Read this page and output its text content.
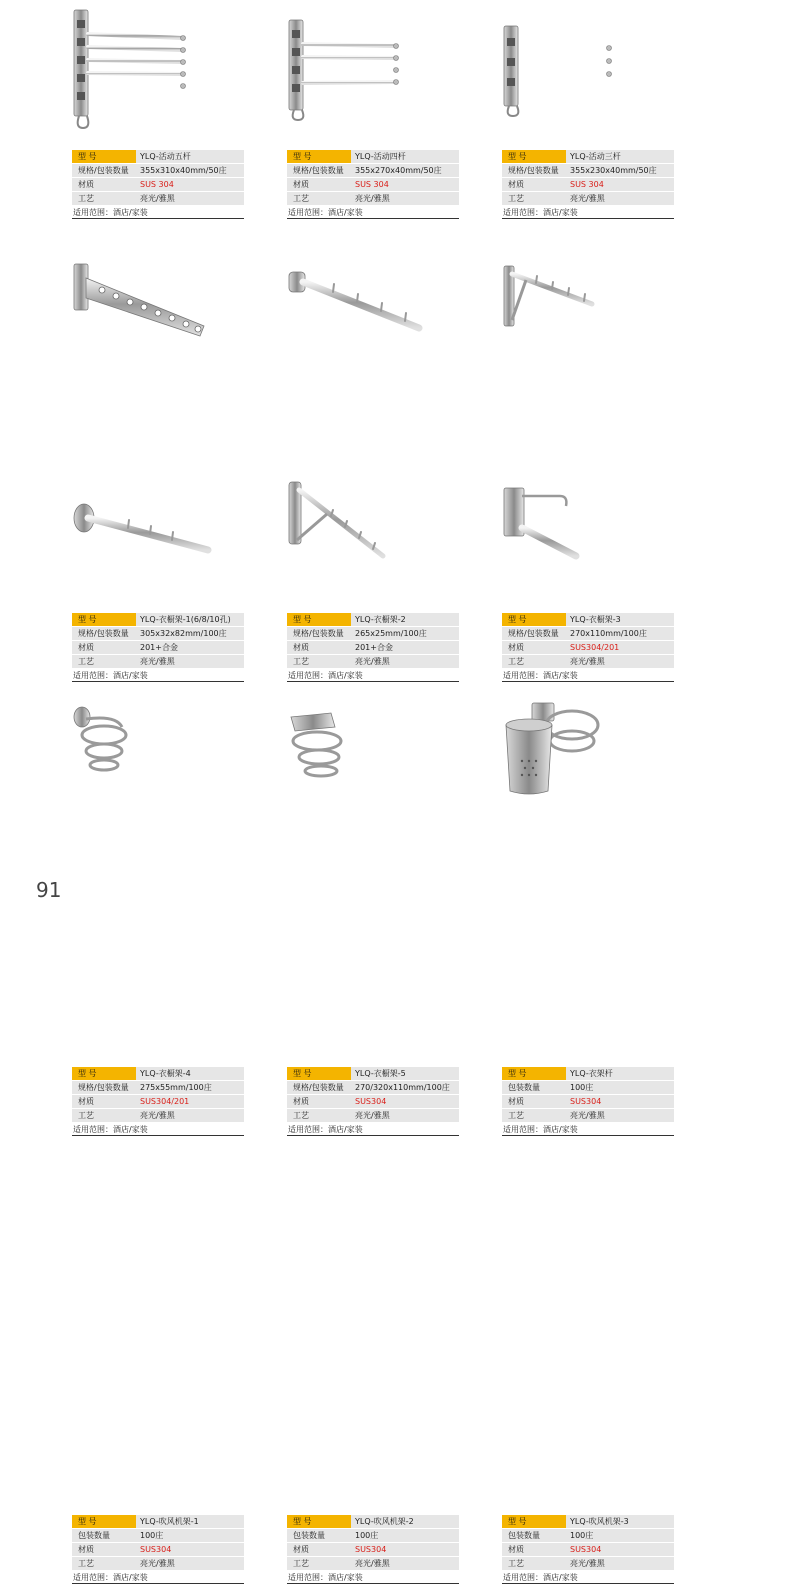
型 号	YLQ-活动五杆
规格/包装数量	355x310x40mm/50庄
材质	SUS 304
工艺	亮光/雅黑
适用范围：酒店/家装
型 号	YLQ-活动四杆
规格/包装数量	355x270x40mm/50庄
材质	SUS 304
工艺	亮光/雅黑
适用范围：酒店/家装
型 号	YLQ-活动三杆
规格/包装数量	355x230x40mm/50庄
材质	SUS 304
工艺	亮光/雅黑
适用范围：酒店/家装
型 号	YLQ-衣橱架-1(6/8/10孔)
规格/包装数量	305x32x82mm/100庄
材质	201+合金
工艺	亮光/雅黑
适用范围：酒店/家装
型 号	YLQ-衣橱架-2
规格/包装数量	265x25mm/100庄
材质	201+合金
工艺	亮光/雅黑
适用范围：酒店/家装
型 号	YLQ-衣橱架-3
规格/包装数量	270x110mm/100庄
材质	SUS304/201
工艺	亮光/雅黑
适用范围：酒店/家装
型 号	YLQ-衣橱架-4
规格/包装数量	275x55mm/100庄
材质	SUS304/201
工艺	亮光/雅黑
适用范围：酒店/家装
型 号	YLQ-衣橱架-5
规格/包装数量	270/320x110mm/100庄
材质	SUS304
工艺	亮光/雅黑
适用范围：酒店/家装
型 号	YLQ-衣架杆
包装数量	100庄
材质	SUS304
工艺	亮光/雅黑
适用范围：酒店/家装
型 号	YLQ-吹风机架-1
包装数量	100庄
材质	SUS304
工艺	亮光/雅黑
适用范围：酒店/家装
型 号	YLQ-吹风机架-2
包装数量	100庄
材质	SUS304
工艺	亮光/雅黑
适用范围：酒店/家装
型 号	YLQ-吹风机架-3
包装数量	100庄
材质	SUS304
工艺	亮光/雅黑
适用范围：酒店/家装
91
